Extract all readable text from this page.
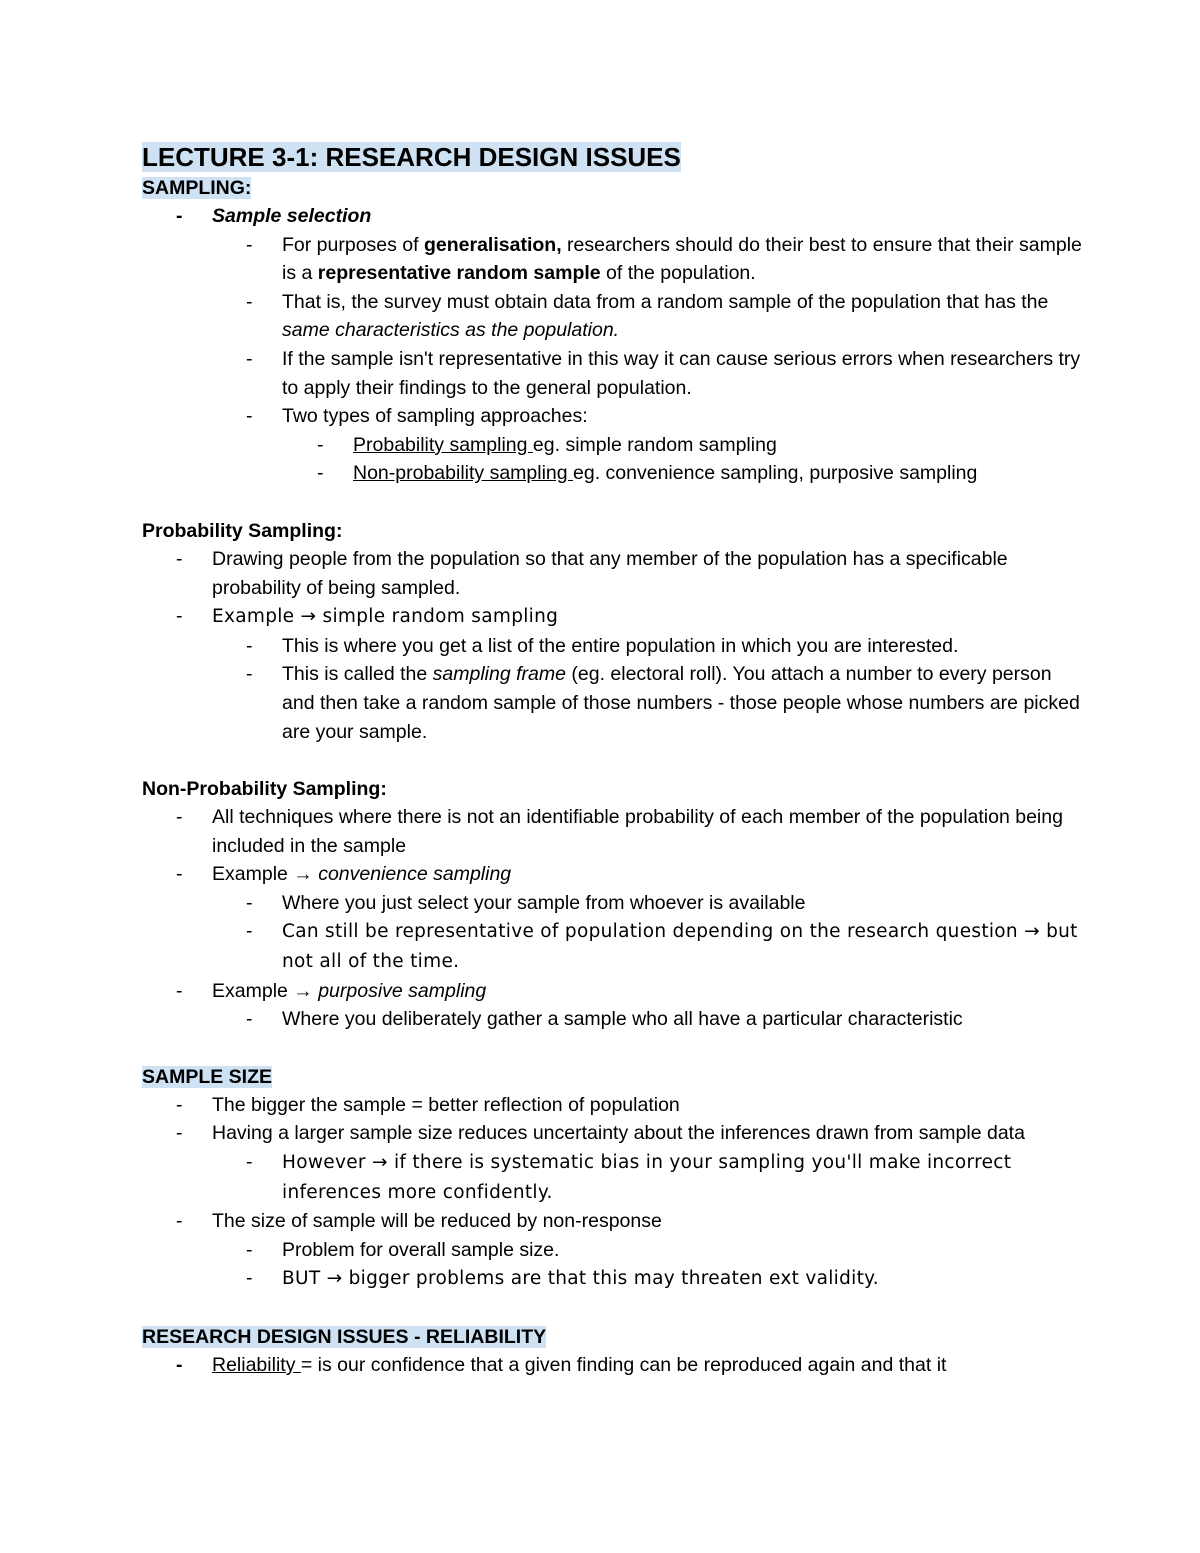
LECTURE 3-1: RESEARCH DESIGN ISSUES
SAMPLING:
- Sample selection
- For purposes of generalisation, researchers should do their best to ensure that their sample is a representative random sample of the population.
- That is, the survey must obtain data from a random sample of the population that has the same characteristics as the population.
- If the sample isn't representative in this way it can cause serious errors when researchers try to apply their findings to the general population.
- Two types of sampling approaches:
- Probability sampling eg. simple random sampling
- Non-probability sampling eg. convenience sampling, purposive sampling
Probability Sampling:
- Drawing people from the population so that any member of the population has a specificable probability of being sampled.
- Example → simple random sampling
- This is where you get a list of the entire population in which you are interested.
- This is called the sampling frame (eg. electoral roll). You attach a number to every person and then take a random sample of those numbers - those people whose numbers are picked are your sample.
Non-Probability Sampling:
- All techniques where there is not an identifiable probability of each member of the population being included in the sample
- Example → convenience sampling
- Where you just select your sample from whoever is available
- Can still be representative of population depending on the research question → but not all of the time.
- Example → purposive sampling
- Where you deliberately gather a sample who all have a particular characteristic
SAMPLE SIZE
- The bigger the sample = better reflection of population
- Having a larger sample size reduces uncertainty about the inferences drawn from sample data
- However → if there is systematic bias in your sampling you'll make incorrect inferences more confidently.
- The size of sample will be reduced by non-response
- Problem for overall sample size.
- BUT → bigger problems are that this may threaten ext validity.
RESEARCH DESIGN ISSUES - RELIABILITY
- Reliability = is our confidence that a given finding can be reproduced again and that it
